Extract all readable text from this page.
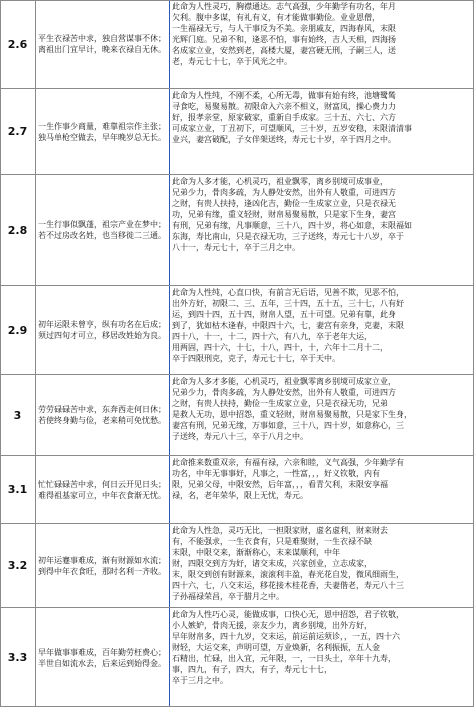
2.6	平生衣禄苦中求，独自营谋事不休；
离祖出门宜早计，晚来衣禄自无休。
此命为人性灵巧，胸襟通达。志气高强，少年勤学有功名，年月
欠利。腹中多谋，有礼有义，有才能做事勤俭。业业恩僧，
一生福禄无亏，与人干事反为不美。亲朋戚友，四海春风，末限
光辉门庭。兄弟不和，逢恶不怕，事有始终，吉人天相，四海扬
名成家立业，安然到老，高楼大厦，妻宫硬无刑，子嗣三人，送
老，寿元七十七，卒于风光之中。
2.7	一生作事少商量，难靠祖宗作主张；
独马单枪空做去，早年晚岁总无长。
此命为人性纯，不刚不柔，心所无毒，做事有始有终，池塘鹭鸶
寻食吃，易聚易散。初限命入六亲不相义，财富凤，操心费力力
好，报孝亲堂，原家破家，重新自手成家。三十五、六七、六方
可成家立业，丁丑初下，可望顺风，三十岁，五岁安稳，末限清清事
业兴，妻宫破配，子女伴架送终，寿元七十岁，卒于四月之中。
2.8	一生行事似飘蓬，祖宗产业在梦中；
若不过房改名姓，也当移徙二三通。
此命为人多才能，心机灵巧，祖业飘零，离乡别境可成事业，
兄弟少力，骨肉多疏，为人静处安然，出外有人敬重，可进四方
之财，有贵人扶持，逢凶化吉，勤俭一生成家立业，只是衣禄无
功，兄弟有缘，重义轻财，财帛易聚易散，只是家下生身，妻宫
有刑，兄弟有缘，凡事顺意，三十八，四十岁，将心如意，末限福如
东海，寿比南山，只是衣禄无功，三子送终，寿元七十八岁，卒于
八十一，寿元七十，卒于三月之中。
2.9	初年运限未曾亨，纵有功名在后成；
须过四旬才可立，移居改姓始为良。
此命为人性纯，心直口快，有前言无后语，见善不欺，见恶不怕，
出外方好，初限二、三、五年，三十四，五十五，三十七，八有好
运，到四十四，五十四，财帛人望，五十可望。兄弟有靠，此身
到了，犹如枯木逢春，中限四十六，七，妻宫有亲身，克妻，末限
四十八，十一，十二，四十六，有八九，卒于老年大运，
用两固，四十六，十七，十八，四十，十，六年十二月十二，
卒于四限刑克，克子，寿元七十七，卒于天中。
3	劳劳碌碌苦中求，东奔西走何日休；
若使终身勤与俭，老来稍可免忧愁。
此命为人多才多能，心机灵巧，祖业飘零离乡别境可成家立业，
兄弟少力，骨肉多疏，为人静处安然，出外有人敬重，可进四方
之财，有贵人扶持，勤俭一生成家立业，只是衣禄无功，兄弟
是救人无功，恩中招怨，重义轻财，财帛易聚易散，只是家下生身，
妻宫有刑，兄弟无缘，万事如意，三十八，四十岁，如意称心，三
子送终，寿元八十三，卒于八月之中。
3.1	忙忙碌碌苦中求，何日云开见日头；
难得祖基家可立，中年衣食渐无忧。
此命推来数重双亲，有福有禄，六亲和睦，义气高强，少年勤学有
功名，中年无事事好，凡事之，一性富，，，好义钦敬，内有
限，兄弟父母，中限安然，后年富，，，看青欠利，末限安享福
禄，名，老年荣华，限上无忧，寿元。
3.2	初年运蹇事难成，渐有财源如水流；
到得中年衣食旺，那时名利一齐收。
此命为人性急，灵巧无比，一担限家财，虚名虚利，财来财去
有，不能强求，一生衣食有，只是难聚财，一生衣禄不缺
末限，中限交来，渐渐称心，末来谋顺利，中年
财，四限交到方为好，诸交末成，兴家创业，立志成家，
末，限交到创有財源来，滚滚利丰盈，春光花自发，微风细雨生，
四十六，七，八交末运，移花接木桂花香，夫妻偕老，寿元八十三
子孙福禄荣昌，卒于腊月之中。
3.3	早年做事事难成，百年勤劳枉费心；
半世自如流水去，后来运到始得金。
此命为人性巧心灵，能做成事，口快心无，恩中招怨，君子钦敬，
小人嫉妒，骨肉无援，亲友少力，离乡别境，出外方好，
早年财帛多，四十九岁，交末运，前运前运须诊，，一五，四十六
财轻，大运交来，声明可望，万业焕新，名利振振，五人金
石精出，忙碌，出入宜，元年限，一，一日头土，卒年十九寿，
事，四九，有子，四大，有子，寿元七十七，
卒于三月之中。
